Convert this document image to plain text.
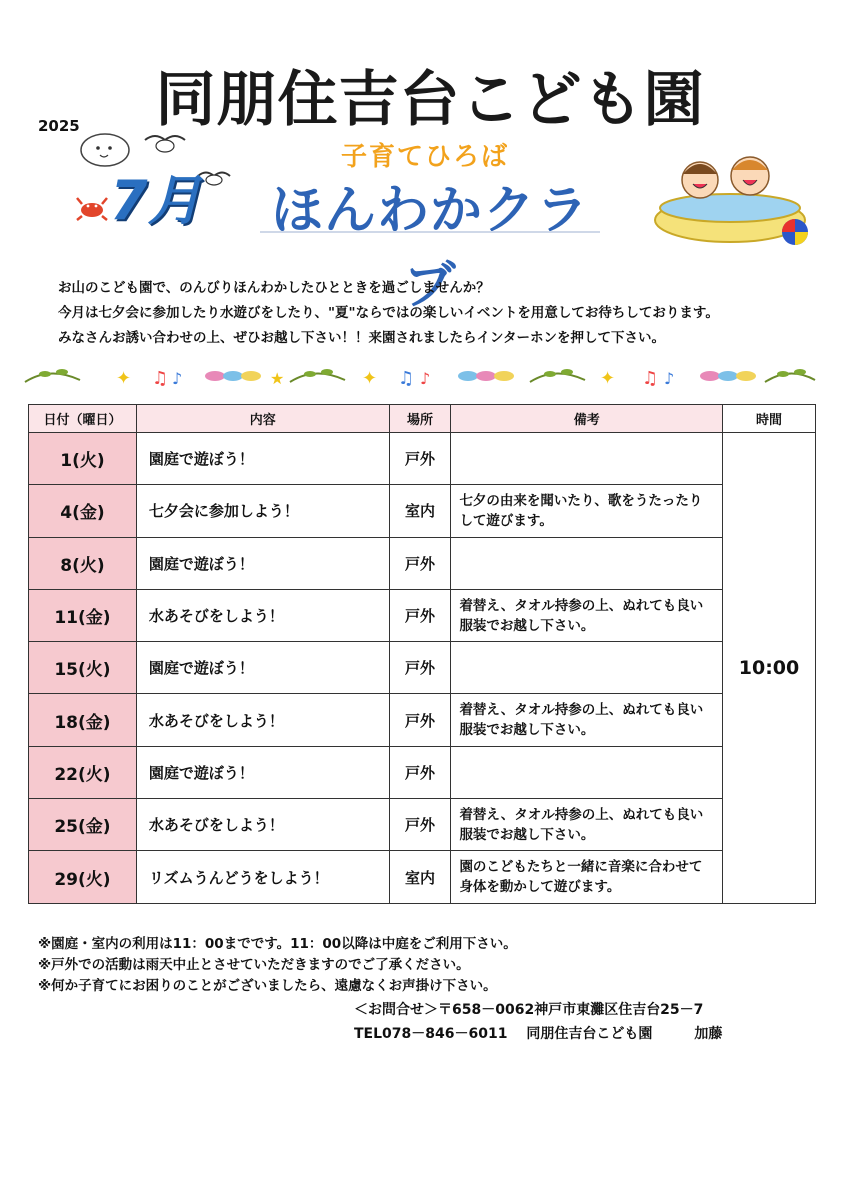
同朋住吉台こども園
2025
7月
子育てひろば
ほんわかクラブ

お山のこども園で、のんびりほんわかしたひとときを過ごしませんか？

今月は七夕会に参加したり水遊びをしたり、"夏"ならではの楽しいイベントを用意してお待ちしております。

みなさんお誘い合わせの上、ぜひお越し下さい！！来園されましたらインターホンを押して下さい。

✦ ♫ ♪	★	✦ ♫ ♪	✦ ♫ ♪
日付（曜日）	内容	場所	備考	時間
1(火)	園庭で遊ぼう！	戸外		10:00
4(金)	七夕会に参加しよう！	室内	七夕の由来を聞いたり、歌をうたったりして遊びます。	
8(火)	園庭で遊ぼう！	戸外		
11(金)	水あそびをしよう！	戸外	着替え、タオル持参の上、ぬれても良い服装でお越し下さい。	
15(火)	園庭で遊ぼう！	戸外		
18(金)	水あそびをしよう！	戸外	着替え、タオル持参の上、ぬれても良い服装でお越し下さい。	
22(火)	園庭で遊ぼう！	戸外		
25(金)	水あそびをしよう！	戸外	着替え、タオル持参の上、ぬれても良い服装でお越し下さい。	
29(火)	リズムうんどうをしよう！	室内	園のこどもたちと一緒に音楽に合わせて身体を動かして遊びます。	

※園庭・室内の利用は11：00までです。11：00以降は中庭をご利用下さい。

※戸外での活動は雨天中止とさせていただきますのでご了承ください。

※何か子育てにお困りのことがございましたら、遠慮なくお声掛け下さい。

＜お問合せ＞〒658－0062神戸市東灘区住吉台25－7

TEL078－846－6011　 同朋住吉台こども園　　　加藤
